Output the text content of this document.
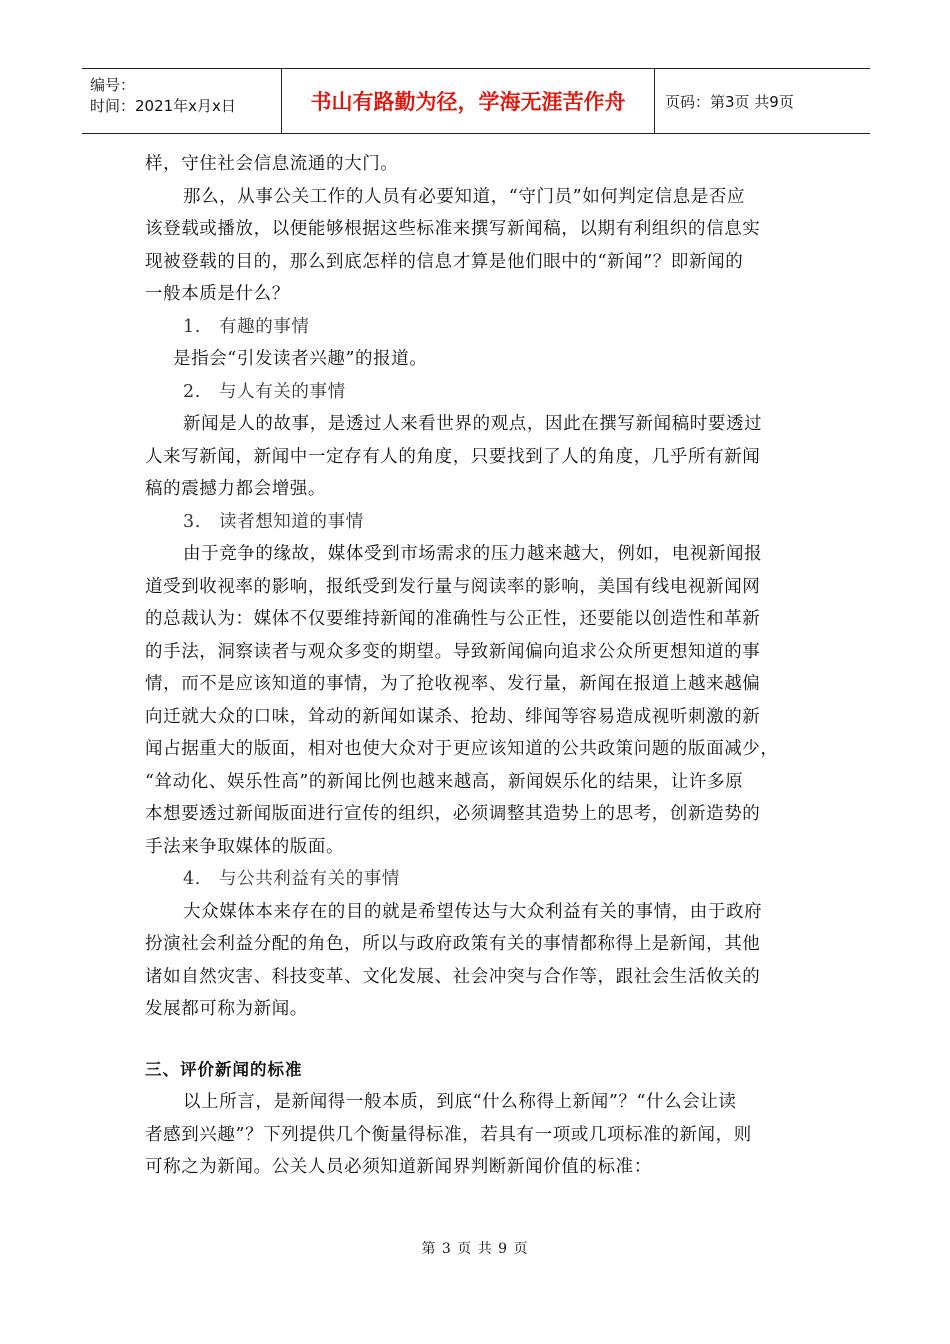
编号：
时间：2021年x月x日	书山有路勤为径，学海无涯苦作舟	页码：第3页 共9页
样，守住社会信息流通的大门。
那么，从事公关工作的人员有必要知道，“守门员”如何判定信息是否应
该登载或播放，以便能够根据这些标准来撰写新闻稿，以期有利组织的信息实
现被登载的目的，那么到底怎样的信息才算是他们眼中的“新闻”？即新闻的
一般本质是什么？
1.　有趣的事情
是指会“引发读者兴趣”的报道。
2.　与人有关的事情
新闻是人的故事，是透过人来看世界的观点，因此在撰写新闻稿时要透过
人来写新闻，新闻中一定存有人的角度，只要找到了人的角度，几乎所有新闻
稿的震撼力都会增强。
3.　读者想知道的事情
由于竞争的缘故，媒体受到市场需求的压力越来越大，例如，电视新闻报
道受到收视率的影响，报纸受到发行量与阅读率的影响，美国有线电视新闻网
的总裁认为：媒体不仅要维持新闻的准确性与公正性，还要能以创造性和革新
的手法，洞察读者与观众多变的期望。导致新闻偏向追求公众所更想知道的事
情，而不是应该知道的事情，为了抢收视率、发行量，新闻在报道上越来越偏
向迁就大众的口味，耸动的新闻如谋杀、抢劫、绯闻等容易造成视听刺激的新
闻占据重大的版面，相对也使大众对于更应该知道的公共政策问题的版面减少，
“耸动化、娱乐性高”的新闻比例也越来越高，新闻娱乐化的结果，让许多原
本想要透过新闻版面进行宣传的组织，必须调整其造势上的思考，创新造势的
手法来争取媒体的版面。
4.　与公共利益有关的事情
大众媒体本来存在的目的就是希望传达与大众利益有关的事情，由于政府
扮演社会利益分配的角色，所以与政府政策有关的事情都称得上是新闻，其他
诸如自然灾害、科技变革、文化发展、社会冲突与合作等，跟社会生活攸关的
发展都可称为新闻。
三、评价新闻的标准
以上所言，是新闻得一般本质，到底“什么称得上新闻”？“什么会让读
者感到兴趣”？下列提供几个衡量得标准，若具有一项或几项标准的新闻，则
可称之为新闻。公关人员必须知道新闻界判断新闻价值的标准：
第 3 页 共 9 页
